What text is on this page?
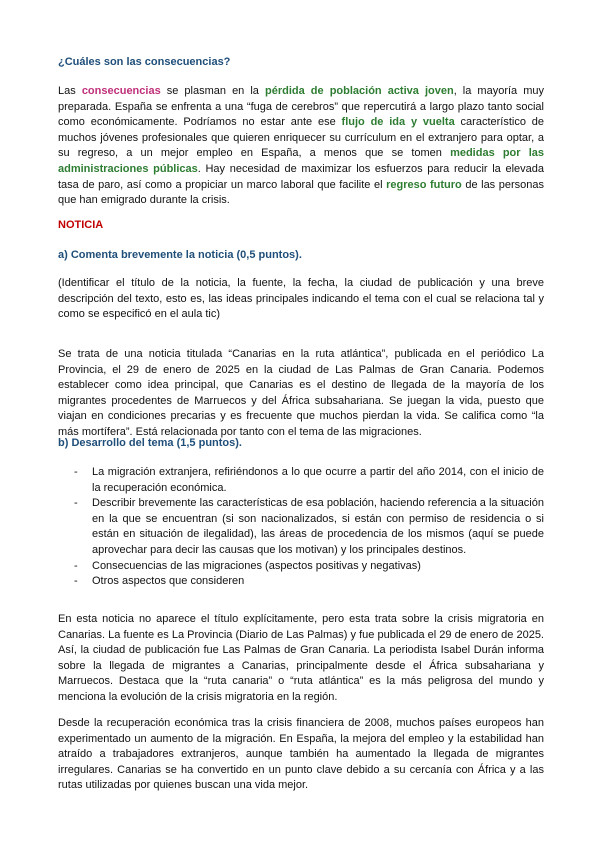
¿Cuáles son las consecuencias?

Las consecuencias se plasman en la pérdida de población activa joven, la mayoría muy preparada. España se enfrenta a una “fuga de cerebros” que repercutirá a largo plazo tanto social como económicamente. Podríamos no estar ante ese flujo de ida y vuelta característico de muchos jóvenes profesionales que quieren enriquecer su currículum en el extranjero para optar, a su regreso, a un mejor empleo en España, a menos que se tomen medidas por las administraciones públicas. Hay necesidad de maximizar los esfuerzos para reducir la elevada tasa de paro, así como a propiciar un marco laboral que facilite el regreso futuro de las personas que han emigrado durante la crisis.

NOTICIA

a) Comenta brevemente la noticia (0,5 puntos).

(Identificar el título de la noticia, la fuente, la fecha, la ciudad de publicación y una breve descripción del texto, esto es, las ideas principales indicando el tema con el cual se relaciona tal y como se especificó en el aula tic)

Se trata de una noticia titulada “Canarias en la ruta atlántica”, publicada en el periódico La Provincia, el 29 de enero de 2025 en la ciudad de Las Palmas de Gran Canaria. Podemos establecer como idea principal, que Canarias es el destino de llegada de la mayoría de los migrantes procedentes de Marruecos y del África subsahariana. Se juegan la vida, puesto que viajan en condiciones precarias y es frecuente que muchos pierdan la vida. Se califica como “la más mortífera”. Está relacionada por tanto con el tema de las migraciones.

b) Desarrollo del tema (1,5 puntos).

- La migración extranjera, refiriéndonos a lo que ocurre a partir del año 2014, con el inicio de la recuperación económica.
- Describir brevemente las características de esa población, haciendo referencia a la situación en la que se encuentran (si son nacionalizados, si están con permiso de residencia o si están en situación de ilegalidad), las áreas de procedencia de los mismos (aquí se puede aprovechar para decir las causas que los motivan) y los principales destinos.
- Consecuencias de las migraciones (aspectos positivas y negativas)
- Otros aspectos que consideren

En esta noticia no aparece el título explícitamente, pero esta trata sobre la crisis migratoria en Canarias. La fuente es La Provincia (Diario de Las Palmas) y fue publicada el 29 de enero de 2025. Así, la ciudad de publicación fue Las Palmas de Gran Canaria. La periodista Isabel Durán informa sobre la llegada de migrantes a Canarias, principalmente desde el África subsahariana y Marruecos. Destaca que la “ruta canaria” o “ruta atlántica” es la más peligrosa del mundo y menciona la evolución de la crisis migratoria en la región.

Desde la recuperación económica tras la crisis financiera de 2008, muchos países europeos han experimentado un aumento de la migración. En España, la mejora del empleo y la estabilidad han atraído a trabajadores extranjeros, aunque también ha aumentado la llegada de migrantes irregulares. Canarias se ha convertido en un punto clave debido a su cercanía con África y a las rutas utilizadas por quienes buscan una vida mejor.
